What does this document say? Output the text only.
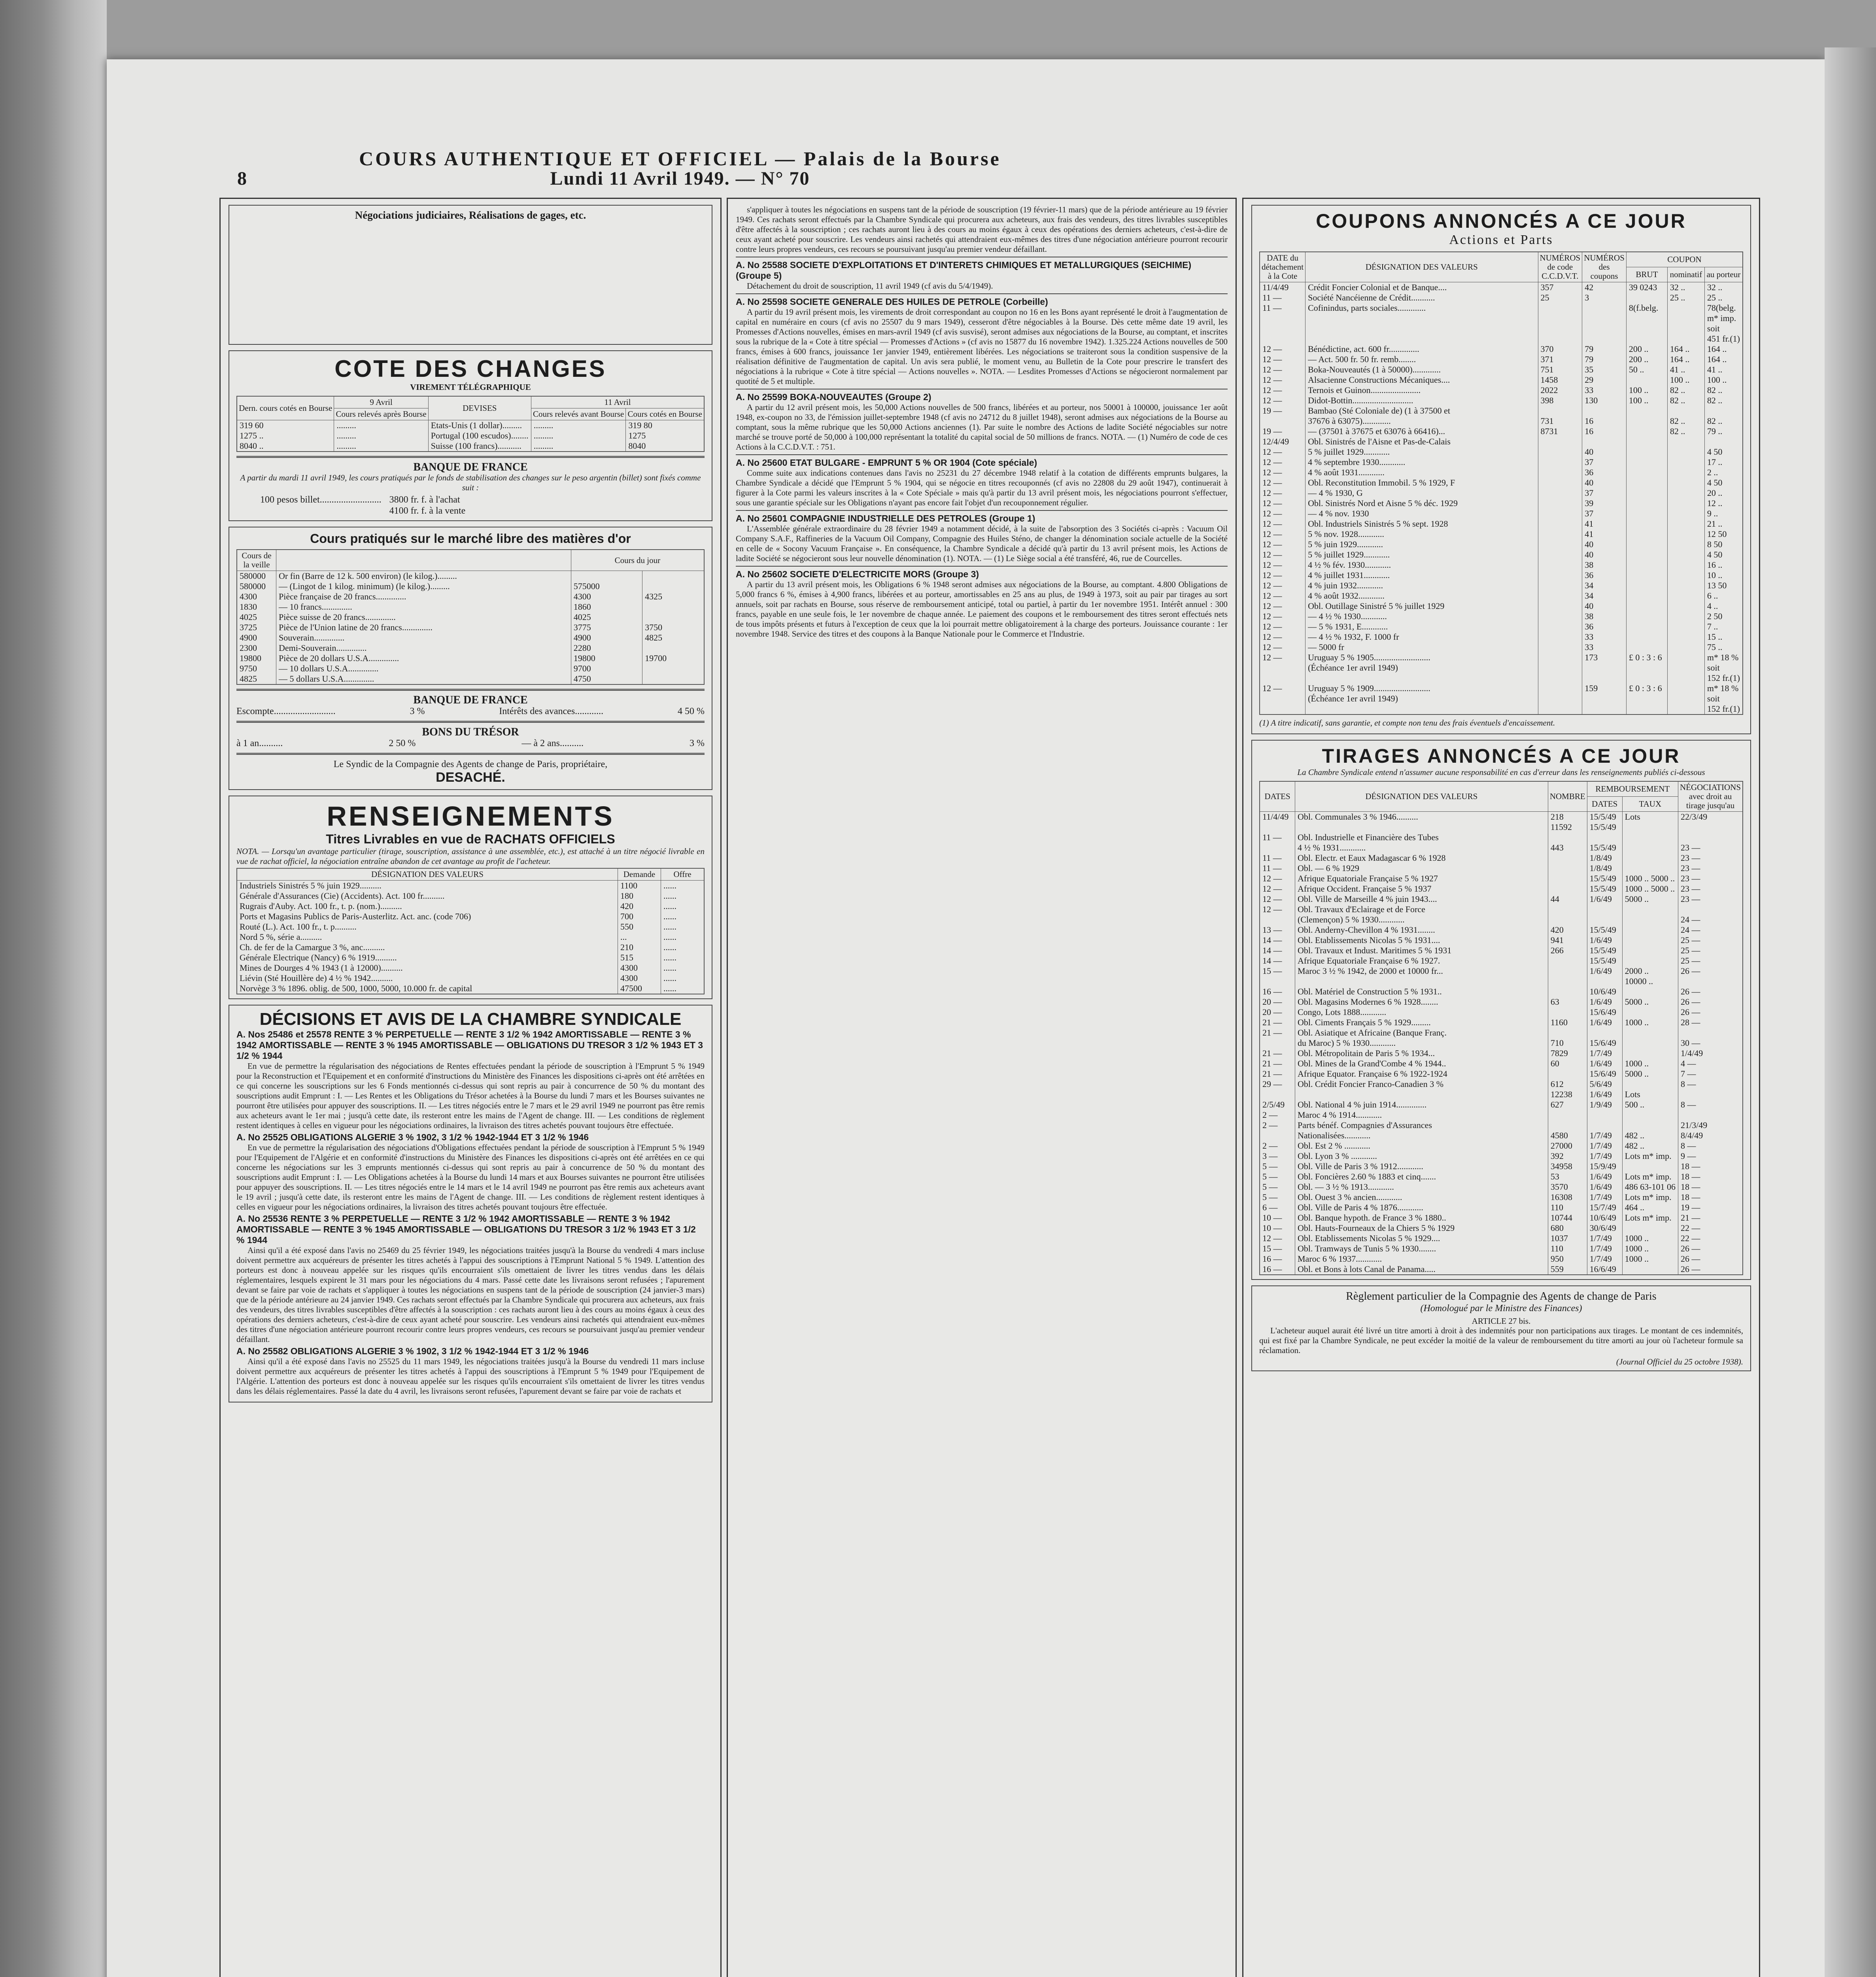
8
COURS AUTHENTIQUE ET OFFICIEL — Palais de la Bourse
Lundi 11 Avril 1949. — N° 70
Négociations judiciaires, Réalisations de gages, etc.
COTE DES CHANGES
VIREMENT TÉLÉGRAPHIQUE
Dern. cours cotés en Bourse	9 Avril	DEVISES	11 Avril	
	Cours relevés après Bourse		Cours relevés avant Bourse	Cours cotés en Bourse
319 60	.........	Etats-Unis (1 dollar).........	.........	319 80
1275 ..	.........	Portugal (100 escudos)........	.........	1275
8040 ..	.........	Suisse (100 francs)...........	.........	8040
BANQUE DE FRANCE
A partir du mardi 11 avril 1949, les cours pratiqués par le fonds de stabilisation des changes sur le peso argentin (billet) sont fixés comme suit :
100 pesos billet.......................... 3800 fr. f. à l'achat
4100 fr. f. à la vente
Cours pratiqués sur le marché libre des matières d'or
Cours de la veille		Cours du jour	
580000	Or fin (Barre de 12 k. 500 environ) (le kilog.).........		
580000	— (Lingot de 1 kilog. minimum) (le kilog.).........	575000	
4300	Pièce française de 20 francs..............	4300	4325
1830	— 10 francs..............	1860	
4025	Pièce suisse de 20 francs..............	4025	
3725	Pièce de l'Union latine de 20 francs..............	3775	3750
4900	Souverain..............	4900	4825
2300	Demi-Souverain..............	2280	
19800	Pièce de 20 dollars U.S.A..............	19800	19700
9750	— 10 dollars U.S.A..............	9700	
4825	— 5 dollars U.S.A..............	4750	
BANQUE DE FRANCE
Escompte..........................	3 %	Intérêts des avances............	4 50 %
BONS DU TRÉSOR
à 1 an..........	2 50 %	— à 2 ans..........	3 %
Le Syndic de la Compagnie des Agents de change de Paris, propriétaire,
DESACHÉ.
RENSEIGNEMENTS
Titres Livrables en vue de RACHATS OFFICIELS
NOTA. — Lorsqu'un avantage particulier (tirage, souscription, assistance à une assemblée, etc.), est attaché à un titre négocié livrable en vue de rachat officiel, la négociation entraîne abandon de cet avantage au profit de l'acheteur.
DÉSIGNATION DES VALEURS	Demande	Offre
Industriels Sinistrés 5 % juin 1929..........	1100	......
Générale d'Assurances (Cie) (Accidents). Act. 100 fr..........	180	......
Rugrais d'Auby. Act. 100 fr., t. p. (nom.)..........	420	......
Ports et Magasins Publics de Paris-Austerlitz. Act. anc. (code 706)	700	......
Routé (L.). Act. 100 fr., t. p..........	550	......
Nord 5 %, série a..........	...	......
Ch. de fer de la Camargue 3 %, anc..........	210	......
Générale Electrique (Nancy) 6 % 1919..........	515	......
Mines de Dourges 4 % 1943 (1 à 12000)..........	4300	......
Liévin (Sté Houillère de) 4 ½ % 1942..........	4300	......
Norvège 3 % 1896. oblig. de 500, 1000, 5000, 10.000 fr. de capital	47500	......
DÉCISIONS ET AVIS DE LA CHAMBRE SYNDICALE
A. Nos 25486 et 25578 RENTE 3 % PERPETUELLE — RENTE 3 1/2 % 1942 AMORTISSABLE — RENTE 3 % 1942 AMORTISSABLE — RENTE 3 % 1945 AMORTISSABLE — OBLIGATIONS DU TRESOR 3 1/2 % 1943 ET 3 1/2 % 1944

En vue de permettre la régularisation des négociations de Rentes effectuées pendant la période de souscription à l'Emprunt 5 % 1949 pour la Reconstruction et l'Equipement et en conformité d'instructions du Ministère des Finances les dispositions ci-après ont été arrêtées en ce qui concerne les souscriptions sur les 6 Fonds mentionnés ci-dessus qui sont repris au pair à concurrence de 50 % du montant des souscriptions audit Emprunt : I. — Les Rentes et les Obligations du Trésor achetées à la Bourse du lundi 7 mars et les Bourses suivantes ne pourront être utilisées pour appuyer des souscriptions. II. — Les titres négociés entre le 7 mars et le 29 avril 1949 ne pourront pas être remis aux acheteurs avant le 1er mai ; jusqu'à cette date, ils resteront entre les mains de l'Agent de change. III. — Les conditions de règlement restent identiques à celles en vigueur pour les négociations ordinaires, la livraison des titres achetés pouvant toujours être effectuée.

A. No 25525 OBLIGATIONS ALGERIE 3 % 1902, 3 1/2 % 1942-1944 ET 3 1/2 % 1946

En vue de permettre la régularisation des négociations d'Obligations effectuées pendant la période de souscription à l'Emprunt 5 % 1949 pour l'Equipement de l'Algérie et en conformité d'instructions du Ministère des Finances les dispositions ci-après ont été arrêtées en ce qui concerne les négociations sur les 3 emprunts mentionnés ci-dessus qui sont repris au pair à concurrence de 50 % du montant des souscriptions audit Emprunt : I. — Les Obligations achetées à la Bourse du lundi 14 mars et aux Bourses suivantes ne pourront être utilisées pour appuyer des souscriptions. II. — Les titres négociés entre le 14 mars et le 14 avril 1949 ne pourront pas être remis aux acheteurs avant le 19 avril ; jusqu'à cette date, ils resteront entre les mains de l'Agent de change. III. — Les conditions de règlement restent identiques à celles en vigueur pour les négociations ordinaires, la livraison des titres achetés pouvant toujours être effectuée.

A. No 25536 RENTE 3 % PERPETUELLE — RENTE 3 1/2 % 1942 AMORTISSABLE — RENTE 3 % 1942 AMORTISSABLE — RENTE 3 % 1945 AMORTISSABLE — OBLIGATIONS DU TRESOR 3 1/2 % 1943 ET 3 1/2 % 1944

Ainsi qu'il a été exposé dans l'avis no 25469 du 25 février 1949, les négociations traitées jusqu'à la Bourse du vendredi 4 mars incluse doivent permettre aux acquéreurs de présenter les titres achetés à l'appui des souscriptions à l'Emprunt National 5 % 1949. L'attention des porteurs est donc à nouveau appelée sur les risques qu'ils encourraient s'ils omettaient de livrer les titres vendus dans les délais réglementaires, lesquels expirent le 31 mars pour les négociations du 4 mars. Passé cette date les livraisons seront refusées ; l'apurement devant se faire par voie de rachats et s'appliquer à toutes les négociations en suspens tant de la période de souscription (24 janvier-3 mars) que de la période antérieure au 24 janvier 1949. Ces rachats seront effectués par la Chambre Syndicale qui procurera aux acheteurs, aux frais des vendeurs, des titres livrables susceptibles d'être affectés à la souscription : ces rachats auront lieu à des cours au moins égaux à ceux des opérations des derniers acheteurs, c'est-à-dire de ceux ayant acheté pour souscrire. Les vendeurs ainsi rachetés qui attendraient eux-mêmes des titres d'une négociation antérieure pourront recourir contre leurs propres vendeurs, ces recours se poursuivant jusqu'au premier vendeur défaillant.

A. No 25582 OBLIGATIONS ALGERIE 3 % 1902, 3 1/2 % 1942-1944 ET 3 1/2 % 1946

Ainsi qu'il a été exposé dans l'avis no 25525 du 11 mars 1949, les négociations traitées jusqu'à la Bourse du vendredi 11 mars incluse doivent permettre aux acquéreurs de présenter les titres achetés à l'appui des souscriptions à l'Emprunt 5 % 1949 pour l'Equipement de l'Algérie. L'attention des porteurs est donc à nouveau appelée sur les risques qu'ils encourraient s'ils omettaient de livrer les titres vendus dans les délais réglementaires. Passé la date du 4 avril, les livraisons seront refusées, l'apurement devant se faire par voie de rachats et

s'appliquer à toutes les négociations en suspens tant de la période de souscription (19 février-11 mars) que de la période antérieure au 19 février 1949. Ces rachats seront effectués par la Chambre Syndicale qui procurera aux acheteurs, aux frais des vendeurs, des titres livrables susceptibles d'être affectés à la souscription ; ces rachats auront lieu à des cours au moins égaux à ceux des opérations des derniers acheteurs, c'est-à-dire de ceux ayant acheté pour souscrire. Les vendeurs ainsi rachetés qui attendraient eux-mêmes des titres d'une négociation antérieure pourront recourir contre leurs propres vendeurs, ces recours se poursuivant jusqu'au premier vendeur défaillant.

A. No 25588 SOCIETE D'EXPLOITATIONS ET D'INTERETS CHIMIQUES ET METALLURGIQUES (SEICHIME) (Groupe 5)

Détachement du droit de souscription, 11 avril 1949 (cf avis du 5/4/1949).

A. No 25598 SOCIETE GENERALE DES HUILES DE PETROLE (Corbeille)

A partir du 19 avril présent mois, les virements de droit correspondant au coupon no 16 en les Bons ayant représenté le droit à l'augmentation de capital en numéraire en cours (cf avis no 25507 du 9 mars 1949), cesseront d'être négociables à la Bourse. Dès cette même date 19 avril, les Promesses d'Actions nouvelles, émises en mars-avril 1949 (cf avis susvisé), seront admises aux négociations de la Bourse, au comptant, et inscrites sous la rubrique de la « Cote à titre spécial — Promesses d'Actions » (cf avis no 15877 du 16 novembre 1942). 1.325.224 Actions nouvelles de 500 francs, émises à 600 francs, jouissance 1er janvier 1949, entièrement libérées. Les négociations se traiteront sous la condition suspensive de la réalisation définitive de l'augmentation de capital. Un avis sera publié, le moment venu, au Bulletin de la Cote pour prescrire le transfert des négociations à la rubrique « Cote à titre spécial — Actions nouvelles ». NOTA. — Lesdites Promesses d'Actions se négocieront normalement par quotité de 5 et multiple.

A. No 25599 BOKA-NOUVEAUTES (Groupe 2)

A partir du 12 avril présent mois, les 50,000 Actions nouvelles de 500 francs, libérées et au porteur, nos 50001 à 100000, jouissance 1er août 1948, ex-coupon no 33, de l'émission juillet-septembre 1948 (cf avis no 24712 du 8 juillet 1948), seront admises aux négociations de la Bourse au comptant, sous la même rubrique que les 50,000 Actions anciennes (1). Par suite le nombre des Actions de ladite Société négociables sur notre marché se trouve porté de 50,000 à 100,000 représentant la totalité du capital social de 50 millions de francs. NOTA. — (1) Numéro de code de ces Actions à la C.C.D.V.T. : 751.

A. No 25600 ETAT BULGARE - EMPRUNT 5 % OR 1904 (Cote spéciale)

Comme suite aux indications contenues dans l'avis no 25231 du 27 décembre 1948 relatif à la cotation de différents emprunts bulgares, la Chambre Syndicale a décidé que l'Emprunt 5 % 1904, qui se négocie en titres recouponnés (cf avis no 22808 du 29 août 1947), continuerait à figurer à la Cote parmi les valeurs inscrites à la « Cote Spéciale » mais qu'à partir du 13 avril présent mois, les négociations pourront s'effectuer, sous une garantie spéciale sur les Obligations n'ayant pas encore fait l'objet d'un recouponnement régulier.

A. No 25601 COMPAGNIE INDUSTRIELLE DES PETROLES (Groupe 1)

L'Assemblée générale extraordinaire du 28 février 1949 a notamment décidé, à la suite de l'absorption des 3 Sociétés ci-après : Vacuum Oil Company S.A.F., Raffineries de la Vacuum Oil Company, Compagnie des Huiles Sténo, de changer la dénomination sociale actuelle de la Société en celle de « Socony Vacuum Française ». En conséquence, la Chambre Syndicale a décidé qu'à partir du 13 avril présent mois, les Actions de ladite Société se négocieront sous leur nouvelle dénomination (1). NOTA. — (1) Le Siège social a été transféré, 46, rue de Courcelles.

A. No 25602 SOCIETE D'ELECTRICITE MORS (Groupe 3)

A partir du 13 avril présent mois, les Obligations 6 % 1948 seront admises aux négociations de la Bourse, au comptant. 4.800 Obligations de 5,000 francs 6 %, émises à 4,900 francs, libérées et au porteur, amortissables en 25 ans au plus, de 1949 à 1973, soit au pair par tirages au sort annuels, soit par rachats en Bourse, sous réserve de remboursement anticipé, total ou partiel, à partir du 1er novembre 1951. Intérêt annuel : 300 francs, payable en une seule fois, le 1er novembre de chaque année. Le paiement des coupons et le remboursement des titres seront effectués nets de tous impôts présents et futurs à l'exception de ceux que la loi pourrait mettre obligatoirement à la charge des porteurs. Jouissance courante : 1er novembre 1948. Service des titres et des coupons à la Banque Nationale pour le Commerce et l'Industrie.

COUPONS ANNONCÉS A CE JOUR
Actions et Parts
DATE du détachement à la Cote	DÉSIGNATION DES VALEURS	NUMÉROS de code C.C.D.V.T.	NUMÉROS des coupons	COUPON		
				BRUT	nominatif	au porteur
11/4/49	Crédit Foncier Colonial et de Banque....	357	42	39 0243	32 ..	32 ..
11 —	Société Nancéienne de Crédit...........	25	3		25 ..	25 ..
11 —	Cofinindus, parts sociales.............			8(f.belg.		78(belg.
						m* imp.
						soit
						451 fr.(1)
12 —	Bénédictine, act. 600 fr..............	370	79	200 ..	164 ..	164 ..
12 —	— Act. 500 fr. 50 fr. remb........	371	79	200 ..	164 ..	164 ..
12 —	Boka-Nouveautés (1 à 50000).............	751	35	50 ..	41 ..	41 ..
12 —	Alsacienne Constructions Mécaniques....	1458	29		100 ..	100 ..
12 —	Ternois et Guinon.......................	2022	33	100 ..	82 ..	82 ..
12 —	Didot-Bottin............................	398	130	100 ..	82 ..	82 ..
19 —	Bambao (Sté Coloniale de) (1 à 37500 et					
	37676 à 63075).............	731	16		82 ..	82 ..
19 —	— (37501 à 37675 et 63076 à 66416)...	8731	16		82 ..	79 ..
12/4/49	Obl. Sinistrés de l'Aisne et Pas-de-Calais					
12 —	5 % juillet 1929............		40			4 50
12 —	4 % septembre 1930............		37			17 ..
12 —	4 % août 1931............		36			2 ..
12 —	Obl. Reconstitution Immobil. 5 % 1929, F		40			4 50
12 —	— 4 % 1930, G		37			20 ..
12 —	Obl. Sinistrés Nord et Aisne 5 % déc. 1929		39			12 ..
12 —	— 4 % nov. 1930		37			9 ..
12 —	Obl. Industriels Sinistrés 5 % sept. 1928		41			21 ..
12 —	5 % nov. 1928............		41			12 50
12 —	5 % juin 1929............		40			8 50
12 —	5 % juillet 1929............		40			4 50
12 —	4 ½ % fév. 1930............		38			16 ..
12 —	4 % juillet 1931............		36			10 ..
12 —	4 % juin 1932............		34			13 50
12 —	4 % août 1932............		34			6 ..
12 —	Obl. Outillage Sinistré 5 % juillet 1929		40			4 ..
12 —	— 4 ½ % 1930............		38			2 50
12 —	— 5 % 1931, E............		36			7 ..
12 —	— 4 ½ % 1932, F. 1000 fr		33			15 ..
12 —	— 5000 fr		33			75 ..
12 —	Uruguay 5 % 1905..........................		173	£ 0 : 3 : 6		m* 18 %
	(Échéance 1er avril 1949)					soit
						152 fr.(1)
12 —	Uruguay 5 % 1909..........................		159	£ 0 : 3 : 6		m* 18 %
	(Échéance 1er avril 1949)					soit
						152 fr.(1)
(1) A titre indicatif, sans garantie, et compte non tenu des frais éventuels d'encaissement.
TIRAGES ANNONCÉS A CE JOUR
La Chambre Syndicale entend n'assumer aucune responsabilité en cas d'erreur dans les renseignements publiés ci-dessous
DATES	DÉSIGNATION DES VALEURS	NOMBRE	REMBOURSEMENT		NÉGOCIATIONS avec droit au tirage jusqu'au
			DATES	TAUX	
11/4/49	Obl. Communales 3 % 1946..........	218	15/5/49	Lots	22/3/49
		11592	15/5/49		
11 —	Obl. Industrielle et Financière des Tubes				
	4 ½ % 1931............	443	15/5/49		23 —
11 —	Obl. Electr. et Eaux Madagascar 6 % 1928		1/8/49		23 —
11 —	Obl. — 6 % 1929		1/8/49		23 —
12 —	Afrique Equatoriale Française 5 % 1927		15/5/49	1000 .. 5000 ..	23 —
12 —	Afrique Occident. Française 5 % 1937		15/5/49	1000 .. 5000 ..	23 —
12 —	Obl. Ville de Marseille 4 % juin 1943....	44	1/6/49	5000 ..	23 —
12 —	Obl. Travaux d'Eclairage et de Force				
	(Clemençon) 5 % 1930............				24 —
13 —	Obl. Anderny-Chevillon 4 % 1931........	420	15/5/49		24 —
14 —	Obl. Etablissements Nicolas 5 % 1931....	941	1/6/49		25 —
14 —	Obl. Travaux et Indust. Maritimes 5 % 1931	266	15/5/49		25 —
14 —	Afrique Equatoriale Française 6 % 1927.		15/5/49		25 —
15 —	Maroc 3 ½ % 1942, de 2000 et 10000 fr...		1/6/49	2000 ..	26 —
				10000 ..	
16 —	Obl. Matériel de Construction 5 % 1931..		10/6/49		26 —
20 —	Obl. Magasins Modernes 6 % 1928........	63	1/6/49	5000 ..	26 —
20 —	Congo, Lots 1888............		15/6/49		26 —
21 —	Obl. Ciments Français 5 % 1929.........	1160	1/6/49	1000 ..	28 —
21 —	Obl. Asiatique et Africaine (Banque Franç.				
	du Maroc) 5 % 1930............	710	15/6/49		30 —
21 —	Obl. Métropolitain de Paris 5 % 1934...	7829	1/7/49		1/4/49
21 —	Obl. Mines de la Grand'Combe 4 % 1944..	60	1/6/49	1000 ..	4 —
21 —	Afrique Equator. Française 6 % 1922-1924		15/6/49	5000 ..	7 —
29 —	Obl. Crédit Foncier Franco-Canadien 3 %	612	5/6/49		8 —
		12238	1/6/49	Lots	
2/5/49	Obl. National 4 % juin 1914..............	627	1/9/49	500 ..	8 —
2 —	Maroc 4 % 1914............				
2 —	Parts bénéf. Compagnies d'Assurances				21/3/49
	Nationalisées............	4580	1/7/49	482 ..	8/4/49
2 —	Obl. Est 2 % ............	27000	1/7/49	482 ..	8 —
3 —	Obl. Lyon 3 % ............	392	1/7/49	Lots m* imp.	9 —
5 —	Obl. Ville de Paris 3 % 1912............	34958	15/9/49		18 —
5 —	Obl. Foncières 2.60 % 1883 et cinq.......	53	1/6/49	Lots m* imp.	18 —
5 —	Obl. — 3 ½ % 1913............	3570	1/6/49	486 63-101 06	18 —
5 —	Obl. Ouest 3 % ancien............	16308	1/7/49	Lots m* imp.	18 —
6 —	Obl. Ville de Paris 4 % 1876............	110	15/7/49	464 ..	19 —
10 —	Obl. Banque hypoth. de France 3 % 1880..	10744	10/6/49	Lots m* imp.	21 —
10 —	Obl. Hauts-Fourneaux de la Chiers 5 % 1929	680	30/6/49		22 —
12 —	Obl. Etablissements Nicolas 5 % 1929....	1037	1/7/49	1000 ..	22 —
15 —	Obl. Tramways de Tunis 5 % 1930........	110	1/7/49	1000 ..	26 —
16 —	Maroc 6 % 1937............	950	1/7/49	1000 ..	26 —
16 —	Obl. et Bons à lots Canal de Panama.....	559	16/6/49		26 —
Règlement particulier de la Compagnie des Agents de change de Paris
(Homologué par le Ministre des Finances)
ARTICLE 27 bis.

L'acheteur auquel aurait été livré un titre amorti à droit à des indemnités pour non participations aux tirages. Le montant de ces indemnités, qui est fixé par la Chambre Syndicale, ne peut excéder la moitié de la valeur de remboursement du titre amorti au jour où l'acheteur formule sa réclamation.

(Journal Officiel du 25 octobre 1938).
